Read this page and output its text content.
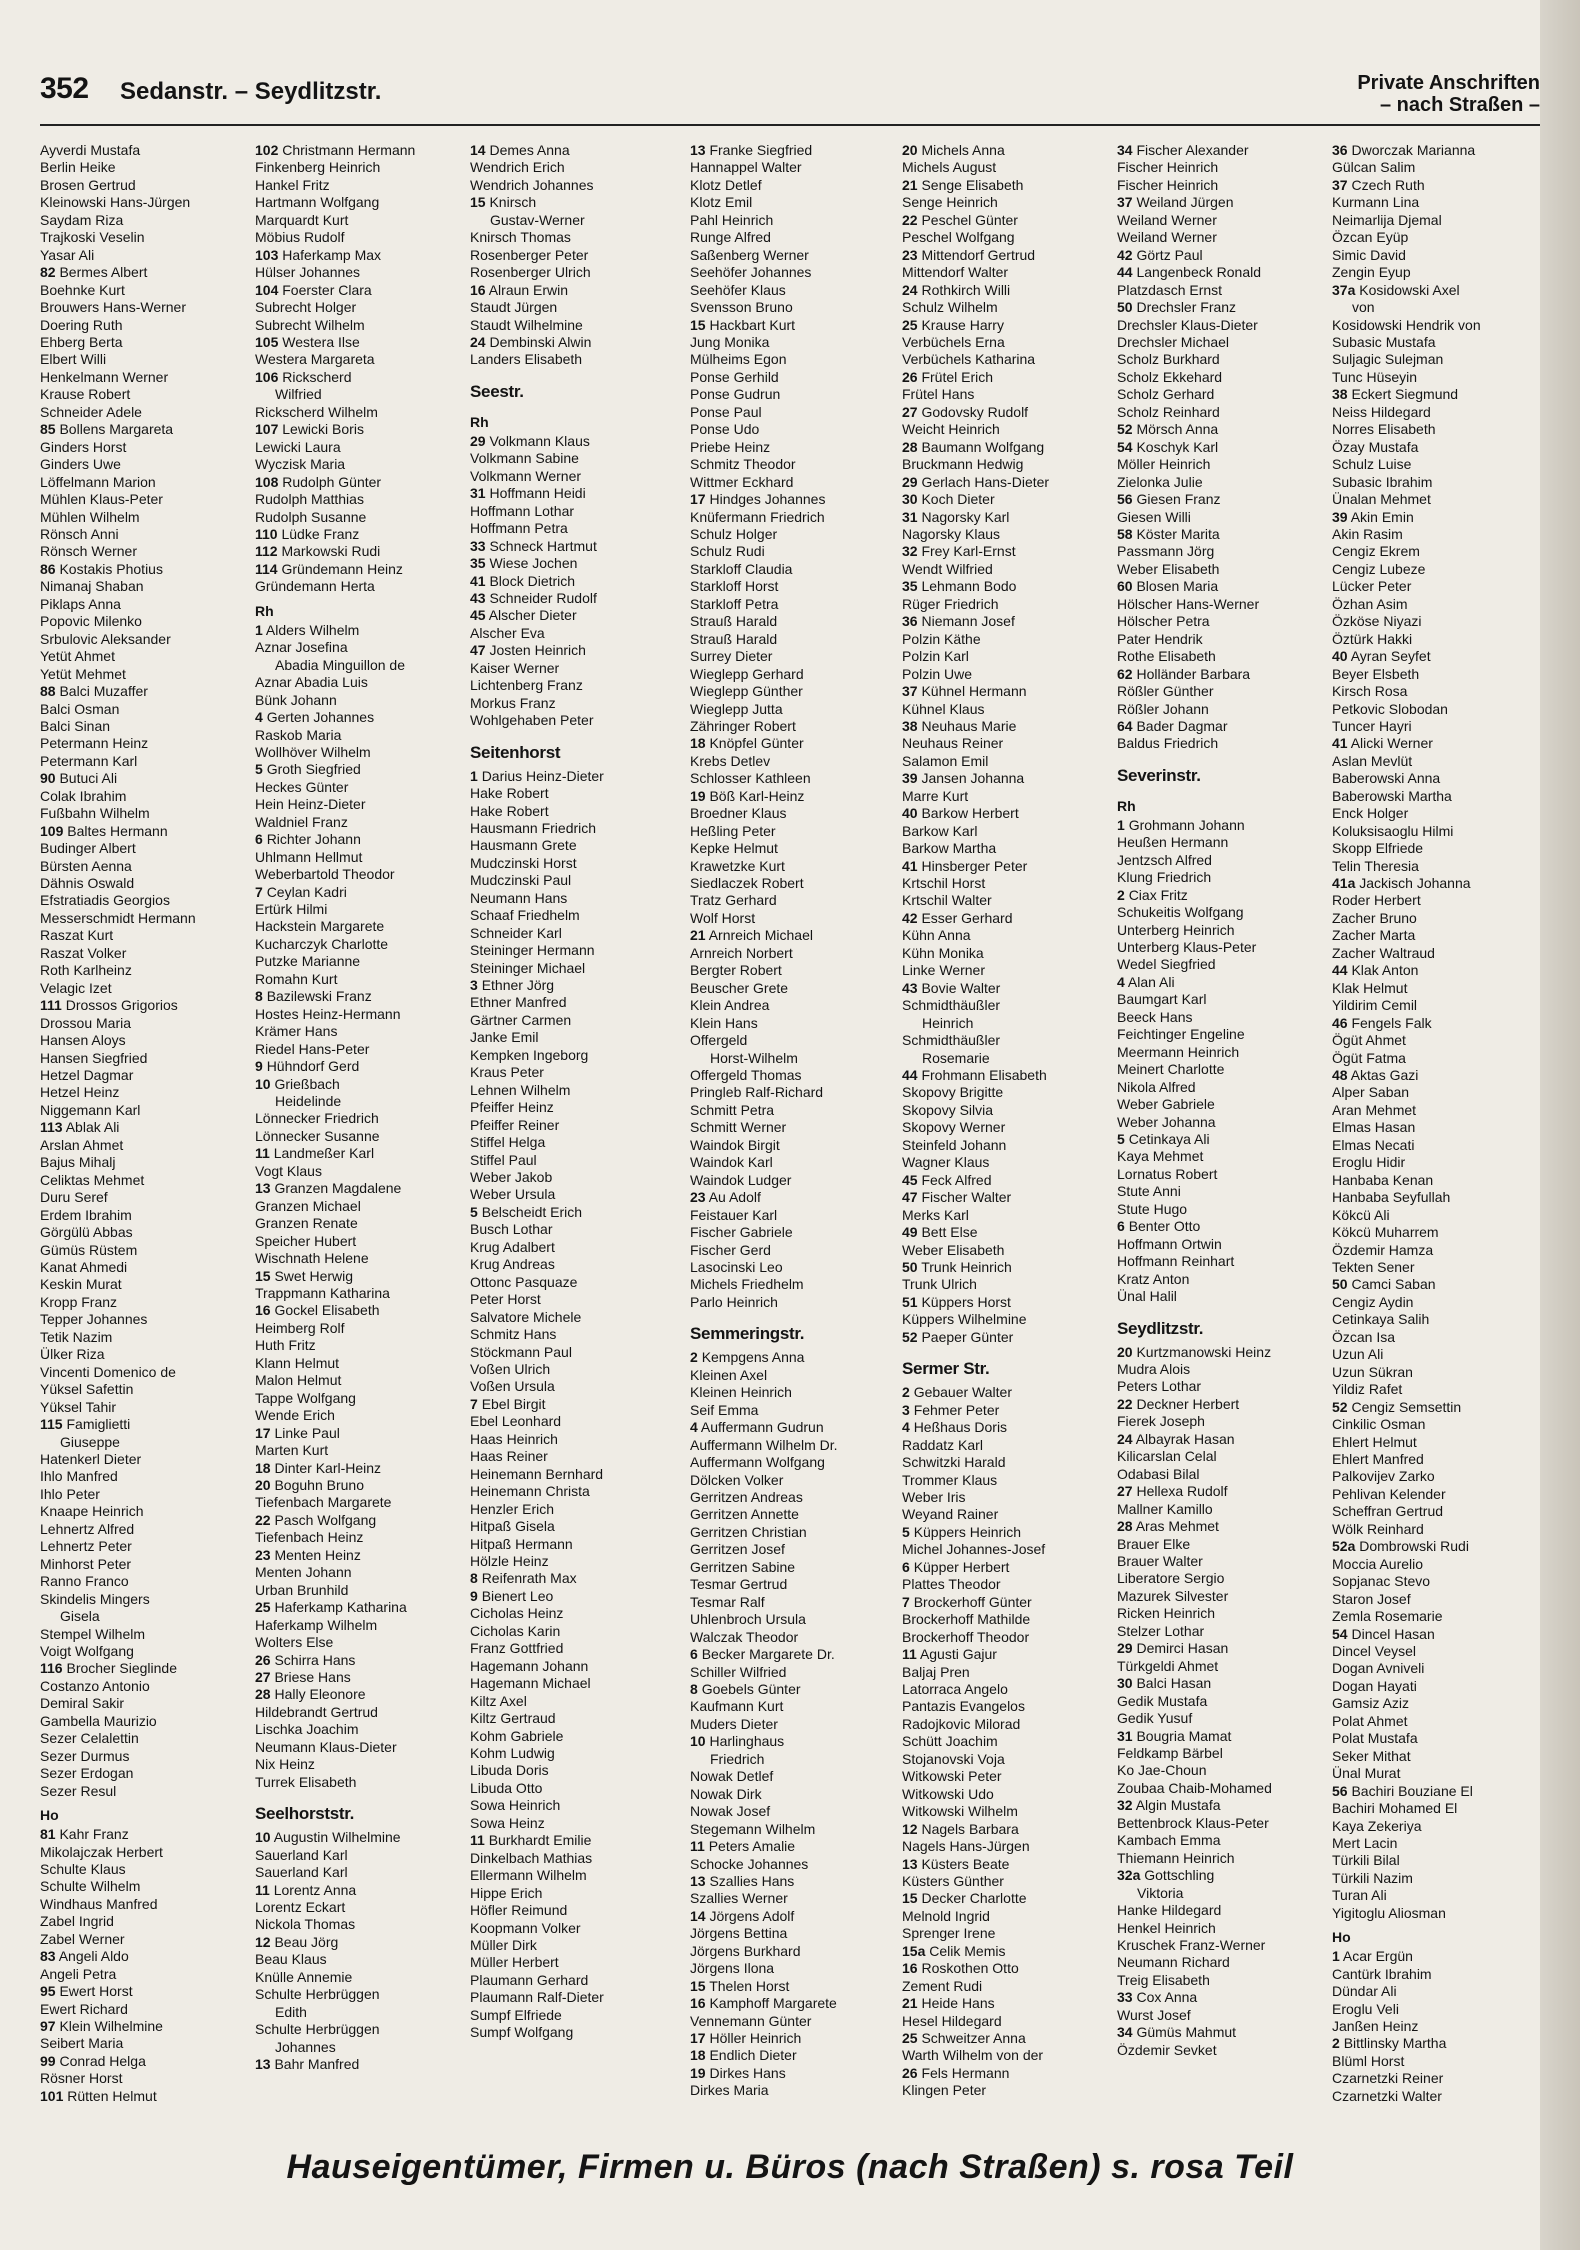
352 Sedanstr. – Seydlitzstr.	Private Anschriften
– nach Straßen –
Ayverdi Mustafa
Berlin Heike
Brosen Gertrud
Kleinowski Hans-Jürgen
Saydam Riza
Trajkoski Veselin
Yasar Ali
82 Bermes Albert
Boehnke Kurt
Brouwers Hans-Werner
Doering Ruth
Ehberg Berta
Elbert Willi
Henkelmann Werner
Krause Robert
Schneider Adele
85 Bollens Margareta
Ginders Horst
Ginders Uwe
Löffelmann Marion
Mühlen Klaus-Peter
Mühlen Wilhelm
Rönsch Anni
Rönsch Werner
86 Kostakis Photius
Nimanaj Shaban
Piklaps Anna
Popovic Milenko
Srbulovic Aleksander
Yetüt Ahmet
Yetüt Mehmet
88 Balci Muzaffer
Balci Osman
Balci Sinan
Petermann Heinz
Petermann Karl
90 Butuci Ali
Colak Ibrahim
Fußbahn Wilhelm
109 Baltes Hermann
Budinger Albert
Bürsten Aenna
Dähnis Oswald
Efstratiadis Georgios
Messerschmidt Hermann
Raszat Kurt
Raszat Volker
Roth Karlheinz
Velagic Izet
111 Drossos Grigorios
Drossou Maria
Hansen Aloys
Hansen Siegfried
Hetzel Dagmar
Hetzel Heinz
Niggemann Karl
113 Ablak Ali
Arslan Ahmet
Bajus Mihalj
Celiktas Mehmet
Duru Seref
Erdem Ibrahim
Görgülü Abbas
Gümüs Rüstem
Kanat Ahmedi
Keskin Murat
Kropp Franz
Tepper Johannes
Tetik Nazim
Ülker Riza
Vincenti Domenico de
Yüksel Safettin
Yüksel Tahir
115 Famiglietti
Giuseppe
Hatenkerl Dieter
Ihlo Manfred
Ihlo Peter
Knaape Heinrich
Lehnertz Alfred
Lehnertz Peter
Minhorst Peter
Ranno Franco
Skindelis Mingers
Gisela
Stempel Wilhelm
Voigt Wolfgang
116 Brocher Sieglinde
Costanzo Antonio
Demiral Sakir
Gambella Maurizio
Sezer Celalettin
Sezer Durmus
Sezer Erdogan
Sezer Resul
Ho
81 Kahr Franz
Mikolajczak Herbert
Schulte Klaus
Schulte Wilhelm
Windhaus Manfred
Zabel Ingrid
Zabel Werner
83 Angeli Aldo
Angeli Petra
95 Ewert Horst
Ewert Richard
97 Klein Wilhelmine
Seibert Maria
99 Conrad Helga
Rösner Horst
101 Rütten Helmut
102 Christmann Hermann
Finkenberg Heinrich
Hankel Fritz
Hartmann Wolfgang
Marquardt Kurt
Möbius Rudolf
103 Haferkamp Max
Hülser Johannes
104 Foerster Clara
Subrecht Holger
Subrecht Wilhelm
105 Westera Ilse
Westera Margareta
106 Rickscherd
Wilfried
Rickscherd Wilhelm
107 Lewicki Boris
Lewicki Laura
Wyczisk Maria
108 Rudolph Günter
Rudolph Matthias
Rudolph Susanne
110 Lüdke Franz
112 Markowski Rudi
114 Gründemann Heinz
Gründemann Herta
Rh
1 Alders Wilhelm
Aznar Josefina
Abadia Minguillon de
Aznar Abadia Luis
Bünk Johann
4 Gerten Johannes
Raskob Maria
Wollhöver Wilhelm
5 Groth Siegfried
Heckes Günter
Hein Heinz-Dieter
Waldniel Franz
6 Richter Johann
Uhlmann Hellmut
Weberbartold Theodor
7 Ceylan Kadri
Ertürk Hilmi
Hackstein Margarete
Kucharczyk Charlotte
Putzke Marianne
Romahn Kurt
8 Bazilewski Franz
Hostes Heinz-Hermann
Krämer Hans
Riedel Hans-Peter
9 Hühndorf Gerd
10 Grießbach
Heidelinde
Lönnecker Friedrich
Lönnecker Susanne
11 Landmeßer Karl
Vogt Klaus
13 Granzen Magdalene
Granzen Michael
Granzen Renate
Speicher Hubert
Wischnath Helene
15 Swet Herwig
Trappmann Katharina
16 Gockel Elisabeth
Heimberg Rolf
Huth Fritz
Klann Helmut
Malon Helmut
Tappe Wolfgang
Wende Erich
17 Linke Paul
Marten Kurt
18 Dinter Karl-Heinz
20 Boguhn Bruno
Tiefenbach Margarete
22 Pasch Wolfgang
Tiefenbach Heinz
23 Menten Heinz
Menten Johann
Urban Brunhild
25 Haferkamp Katharina
Haferkamp Wilhelm
Wolters Else
26 Schirra Hans
27 Briese Hans
28 Hally Eleonore
Hildebrandt Gertrud
Lischka Joachim
Neumann Klaus-Dieter
Nix Heinz
Turrek Elisabeth
Seelhorststr.
10 Augustin Wilhelmine
Sauerland Karl
Sauerland Karl
11 Lorentz Anna
Lorentz Eckart
Nickola Thomas
12 Beau Jörg
Beau Klaus
Knülle Annemie
Schulte Herbrüggen
Edith
Schulte Herbrüggen
Johannes
13 Bahr Manfred
14 Demes Anna
Wendrich Erich
Wendrich Johannes
15 Knirsch
Gustav-Werner
Knirsch Thomas
Rosenberger Peter
Rosenberger Ulrich
16 Alraun Erwin
Staudt Jürgen
Staudt Wilhelmine
24 Dembinski Alwin
Landers Elisabeth
Seestr.
Rh
29 Volkmann Klaus
Volkmann Sabine
Volkmann Werner
31 Hoffmann Heidi
Hoffmann Lothar
Hoffmann Petra
33 Schneck Hartmut
35 Wiese Jochen
41 Block Dietrich
43 Schneider Rudolf
45 Alscher Dieter
Alscher Eva
47 Josten Heinrich
Kaiser Werner
Lichtenberg Franz
Morkus Franz
Wohlgehaben Peter
Seitenhorst
1 Darius Heinz-Dieter
Hake Robert
Hake Robert
Hausmann Friedrich
Hausmann Grete
Mudczinski Horst
Mudczinski Paul
Neumann Hans
Schaaf Friedhelm
Schneider Karl
Steininger Hermann
Steininger Michael
3 Ethner Jörg
Ethner Manfred
Gärtner Carmen
Janke Emil
Kempken Ingeborg
Kraus Peter
Lehnen Wilhelm
Pfeiffer Heinz
Pfeiffer Reiner
Stiffel Helga
Stiffel Paul
Weber Jakob
Weber Ursula
5 Belscheidt Erich
Busch Lothar
Krug Adalbert
Krug Andreas
Ottonc Pasquaze
Peter Horst
Salvatore Michele
Schmitz Hans
Stöckmann Paul
Voßen Ulrich
Voßen Ursula
7 Ebel Birgit
Ebel Leonhard
Haas Heinrich
Haas Reiner
Heinemann Bernhard
Heinemann Christa
Henzler Erich
Hitpaß Gisela
Hitpaß Hermann
Hölzle Heinz
8 Reifenrath Max
9 Bienert Leo
Cicholas Heinz
Cicholas Karin
Franz Gottfried
Hagemann Johann
Hagemann Michael
Kiltz Axel
Kiltz Gertraud
Kohm Gabriele
Kohm Ludwig
Libuda Doris
Libuda Otto
Sowa Heinrich
Sowa Heinz
11 Burkhardt Emilie
Dinkelbach Mathias
Ellermann Wilhelm
Hippe Erich
Höfler Reimund
Koopmann Volker
Müller Dirk
Müller Herbert
Plaumann Gerhard
Plaumann Ralf-Dieter
Sumpf Elfriede
Sumpf Wolfgang
13 Franke Siegfried
Hannappel Walter
Klotz Detlef
Klotz Emil
Pahl Heinrich
Runge Alfred
Saßenberg Werner
Seehöfer Johannes
Seehöfer Klaus
Svensson Bruno
15 Hackbart Kurt
Jung Monika
Mülheims Egon
Ponse Gerhild
Ponse Gudrun
Ponse Paul
Ponse Udo
Priebe Heinz
Schmitz Theodor
Wittmer Eckhard
17 Hindges Johannes
Knüfermann Friedrich
Schulz Holger
Schulz Rudi
Starkloff Claudia
Starkloff Horst
Starkloff Petra
Strauß Harald
Strauß Harald
Surrey Dieter
Wieglepp Gerhard
Wieglepp Günther
Wieglepp Jutta
Zähringer Robert
18 Knöpfel Günter
Krebs Detlev
Schlosser Kathleen
19 Böß Karl-Heinz
Broedner Klaus
Heßling Peter
Kepke Helmut
Krawetzke Kurt
Siedlaczek Robert
Tratz Gerhard
Wolf Horst
21 Arnreich Michael
Arnreich Norbert
Bergter Robert
Beuscher Grete
Klein Andrea
Klein Hans
Offergeld
Horst-Wilhelm
Offergeld Thomas
Pringleb Ralf-Richard
Schmitt Petra
Schmitt Werner
Waindok Birgit
Waindok Karl
Waindok Ludger
23 Au Adolf
Feistauer Karl
Fischer Gabriele
Fischer Gerd
Lasocinski Leo
Michels Friedhelm
Parlo Heinrich
Semmeringstr.
2 Kempgens Anna
Kleinen Axel
Kleinen Heinrich
Seif Emma
4 Auffermann Gudrun
Auffermann Wilhelm Dr.
Auffermann Wolfgang
Dölcken Volker
Gerritzen Andreas
Gerritzen Annette
Gerritzen Christian
Gerritzen Josef
Gerritzen Sabine
Tesmar Gertrud
Tesmar Ralf
Uhlenbroch Ursula
Walczak Theodor
6 Becker Margarete Dr.
Schiller Wilfried
8 Goebels Günter
Kaufmann Kurt
Muders Dieter
10 Harlinghaus
Friedrich
Nowak Detlef
Nowak Dirk
Nowak Josef
Stegemann Wilhelm
11 Peters Amalie
Schocke Johannes
13 Szallies Hans
Szallies Werner
14 Jörgens Adolf
Jörgens Bettina
Jörgens Burkhard
Jörgens Ilona
15 Thelen Horst
16 Kamphoff Margarete
Vennemann Günter
17 Höller Heinrich
18 Endlich Dieter
19 Dirkes Hans
Dirkes Maria
20 Michels Anna
Michels August
21 Senge Elisabeth
Senge Heinrich
22 Peschel Günter
Peschel Wolfgang
23 Mittendorf Gertrud
Mittendorf Walter
24 Rothkirch Willi
Schulz Wilhelm
25 Krause Harry
Verbüchels Erna
Verbüchels Katharina
26 Frütel Erich
Frütel Hans
27 Godovsky Rudolf
Weicht Heinrich
28 Baumann Wolfgang
Bruckmann Hedwig
29 Gerlach Hans-Dieter
30 Koch Dieter
31 Nagorsky Karl
Nagorsky Klaus
32 Frey Karl-Ernst
Wendt Wilfried
35 Lehmann Bodo
Rüger Friedrich
36 Niemann Josef
Polzin Käthe
Polzin Karl
Polzin Uwe
37 Kühnel Hermann
Kühnel Klaus
38 Neuhaus Marie
Neuhaus Reiner
Salamon Emil
39 Jansen Johanna
Marre Kurt
40 Barkow Herbert
Barkow Karl
Barkow Martha
41 Hinsberger Peter
Krtschil Horst
Krtschil Walter
42 Esser Gerhard
Kühn Anna
Kühn Monika
Linke Werner
43 Bovie Walter
Schmidthäußler
Heinrich
Schmidthäußler
Rosemarie
44 Frohmann Elisabeth
Skopovy Brigitte
Skopovy Silvia
Skopovy Werner
Steinfeld Johann
Wagner Klaus
45 Feck Alfred
47 Fischer Walter
Merks Karl
49 Bett Else
Weber Elisabeth
50 Trunk Heinrich
Trunk Ulrich
51 Küppers Horst
Küppers Wilhelmine
52 Paeper Günter
Sermer Str.
2 Gebauer Walter
3 Fehmer Peter
4 Heßhaus Doris
Raddatz Karl
Schwitzki Harald
Trommer Klaus
Weber Iris
Weyand Rainer
5 Küppers Heinrich
Michel Johannes-Josef
6 Küpper Herbert
Plattes Theodor
7 Brockerhoff Günter
Brockerhoff Mathilde
Brockerhoff Theodor
11 Agusti Gajur
Baljaj Pren
Latorraca Angelo
Pantazis Evangelos
Radojkovic Milorad
Schütt Joachim
Stojanovski Voja
Witkowski Peter
Witkowski Udo
Witkowski Wilhelm
12 Nagels Barbara
Nagels Hans-Jürgen
13 Küsters Beate
Küsters Günther
15 Decker Charlotte
Melnold Ingrid
Sprenger Irene
15a Celik Memis
16 Roskothen Otto
Zement Rudi
21 Heide Hans
Hesel Hildegard
25 Schweitzer Anna
Warth Wilhelm von der
26 Fels Hermann
Klingen Peter
34 Fischer Alexander
Fischer Heinrich
Fischer Heinrich
37 Weiland Jürgen
Weiland Werner
Weiland Werner
42 Görtz Paul
44 Langenbeck Ronald
Platzdasch Ernst
50 Drechsler Franz
Drechsler Klaus-Dieter
Drechsler Michael
Scholz Burkhard
Scholz Ekkehard
Scholz Gerhard
Scholz Reinhard
52 Mörsch Anna
54 Koschyk Karl
Möller Heinrich
Zielonka Julie
56 Giesen Franz
Giesen Willi
58 Köster Marita
Passmann Jörg
Weber Elisabeth
60 Blosen Maria
Hölscher Hans-Werner
Hölscher Petra
Pater Hendrik
Rothe Elisabeth
62 Holländer Barbara
Rößler Günther
Rößler Johann
64 Bader Dagmar
Baldus Friedrich
Severinstr.
Rh
1 Grohmann Johann
Heußen Hermann
Jentzsch Alfred
Klung Friedrich
2 Ciax Fritz
Schukeitis Wolfgang
Unterberg Heinrich
Unterberg Klaus-Peter
Wedel Siegfried
4 Alan Ali
Baumgart Karl
Beeck Hans
Feichtinger Engeline
Meermann Heinrich
Meinert Charlotte
Nikola Alfred
Weber Gabriele
Weber Johanna
5 Cetinkaya Ali
Kaya Mehmet
Lornatus Robert
Stute Anni
Stute Hugo
6 Benter Otto
Hoffmann Ortwin
Hoffmann Reinhart
Kratz Anton
Ünal Halil
Seydlitzstr.
20 Kurtzmanowski Heinz
Mudra Alois
Peters Lothar
22 Deckner Herbert
Fierek Joseph
24 Albayrak Hasan
Kilicarslan Celal
Odabasi Bilal
27 Hellexa Rudolf
Mallner Kamillo
28 Aras Mehmet
Brauer Elke
Brauer Walter
Liberatore Sergio
Mazurek Silvester
Ricken Heinrich
Stelzer Lothar
29 Demirci Hasan
Türkgeldi Ahmet
30 Balci Hasan
Gedik Mustafa
Gedik Yusuf
31 Bougria Mamat
Feldkamp Bärbel
Ko Jae-Choun
Zoubaa Chaib-Mohamed
32 Algin Mustafa
Bettenbrock Klaus-Peter
Kambach Emma
Thiemann Heinrich
32a Gottschling
Viktoria
Hanke Hildegard
Henkel Heinrich
Kruschek Franz-Werner
Neumann Richard
Treig Elisabeth
33 Cox Anna
Wurst Josef
34 Gümüs Mahmut
Özdemir Sevket
36 Dworczak Marianna
Gülcan Salim
37 Czech Ruth
Kurmann Lina
Neimarlija Djemal
Özcan Eyüp
Simic David
Zengin Eyup
37a Kosidowski Axel
von
Kosidowski Hendrik von
Subasic Mustafa
Suljagic Sulejman
Tunc Hüseyin
38 Eckert Siegmund
Neiss Hildegard
Norres Elisabeth
Özay Mustafa
Schulz Luise
Subasic Ibrahim
Ünalan Mehmet
39 Akin Emin
Akin Rasim
Cengiz Ekrem
Cengiz Lubeze
Lücker Peter
Özhan Asim
Özköse Niyazi
Öztürk Hakki
40 Ayran Seyfet
Beyer Elsbeth
Kirsch Rosa
Petkovic Slobodan
Tuncer Hayri
41 Alicki Werner
Aslan Mevlüt
Baberowski Anna
Baberowski Martha
Enck Holger
Koluksisaoglu Hilmi
Skopp Elfriede
Telin Theresia
41a Jackisch Johanna
Roder Herbert
Zacher Bruno
Zacher Marta
Zacher Waltraud
44 Klak Anton
Klak Helmut
Yildirim Cemil
46 Fengels Falk
Ögüt Ahmet
Ögüt Fatma
48 Aktas Gazi
Alper Saban
Aran Mehmet
Elmas Hasan
Elmas Necati
Eroglu Hidir
Hanbaba Kenan
Hanbaba Seyfullah
Kökcü Ali
Kökcü Muharrem
Özdemir Hamza
Tekten Sener
50 Camci Saban
Cengiz Aydin
Cetinkaya Salih
Özcan Isa
Uzun Ali
Uzun Sükran
Yildiz Rafet
52 Cengiz Semsettin
Cinkilic Osman
Ehlert Helmut
Ehlert Manfred
Palkovijev Zarko
Pehlivan Kelender
Scheffran Gertrud
Wölk Reinhard
52a Dombrowski Rudi
Moccia Aurelio
Sopjanac Stevo
Staron Josef
Zemla Rosemarie
54 Dincel Hasan
Dincel Veysel
Dogan Avniveli
Dogan Hayati
Gamsiz Aziz
Polat Ahmet
Polat Mustafa
Seker Mithat
Ünal Murat
56 Bachiri Bouziane El
Bachiri Mohamed El
Kaya Zekeriya
Mert Lacin
Türkili Bilal
Türkili Nazim
Turan Ali
Yigitoglu Aliosman
Ho
1 Acar Ergün
Cantürk Ibrahim
Dündar Ali
Eroglu Veli
Janßen Heinz
2 Bittlinsky Martha
Blüml Horst
Czarnetzki Reiner
Czarnetzki Walter
Hauseigentümer, Firmen u. Büros (nach Straßen) s. rosa Teil
